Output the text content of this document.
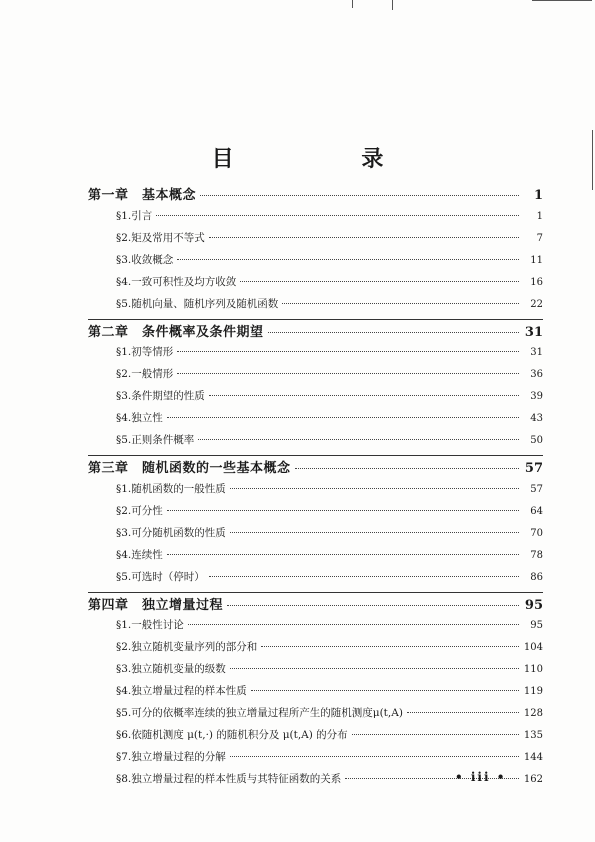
目 录
第一章　基本概念	1
§1.引言	1
§2.矩及常用不等式	7
§3.收敛概念	11
§4.一致可积性及均方收敛	16
§5.随机向量、随机序列及随机函数	22
第二章　条件概率及条件期望	31
§1.初等情形	31
§2.一般情形	36
§3.条件期望的性质	39
§4.独立性	43
§5.正则条件概率	50
第三章　随机函数的一些基本概念	57
§1.随机函数的一般性质	57
§2.可分性	64
§3.可分随机函数的性质	70
§4.连续性	78
§5.可选时（停时）	86
第四章　独立增量过程	95
§1.一般性讨论	95
§2.独立随机变量序列的部分和	104
§3.独立随机变量的级数	110
§4.独立增量过程的样本性质	119
§5.可分的依概率连续的独立增量过程所产生的随机测度μ(t,A)	128
§6.依随机测度 μ(t,·) 的随机积分及 μ(t,A) 的分布	135
§7.独立增量过程的分解	144
§8.独立增量过程的样本性质与其特征函数的关系	162
• iii •
